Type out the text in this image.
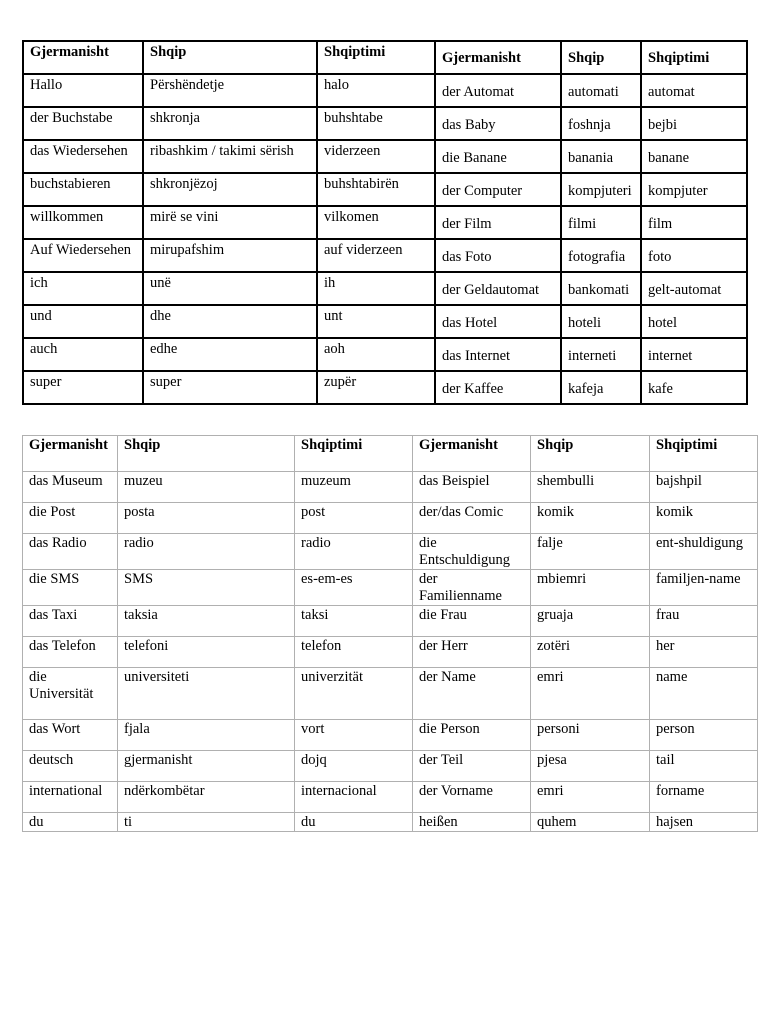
Gjermanisht	Shqip	Shqiptimi	Gjermanisht	Shqip	Shqiptimi
Hallo	Përshëndetje	halo	der Automat	automati	automat
der Buchstabe	shkronja	buhshtabe	das Baby	foshnja	bejbi
das Wiedersehen	ribashkim / takimi sërish	viderzeen	die Banane	banania	banane
buchstabieren	shkronjëzoj	buhshtabirën	der Computer	kompjuteri	kompjuter
willkommen	mirë se vini	vilkomen	der Film	filmi	film
Auf Wiedersehen	mirupafshim	auf viderzeen	das Foto	fotografia	foto
ich	unë	ih	der Geldautomat	bankomati	gelt-automat
und	dhe	unt	das Hotel	hoteli	hotel
auch	edhe	aoh	das Internet	interneti	internet
super	super	zupër	der Kaffee	kafeja	kafe
Gjermanisht	Shqip	Shqiptimi	Gjermanisht	Shqip	Shqiptimi
das Museum	muzeu	muzeum	das Beispiel	shembulli	bajshpil
die Post	posta	post	der/das Comic	komik	komik
das Radio	radio	radio	die Entschuldigung	falje	ent-shuldigung
die SMS	SMS	es-em-es	der Familienname	mbiemri	familjen-name
das Taxi	taksia	taksi	die Frau	gruaja	frau
das Telefon	telefoni	telefon	der Herr	zotëri	her
die Universität	universiteti	univerzität	der Name	emri	name
das Wort	fjala	vort	die Person	personi	person
deutsch	gjermanisht	dojq	der Teil	pjesa	tail
international	ndërkombëtar	internacional	der Vorname	emri	forname
du	ti	du	heißen	quhem	hajsen
